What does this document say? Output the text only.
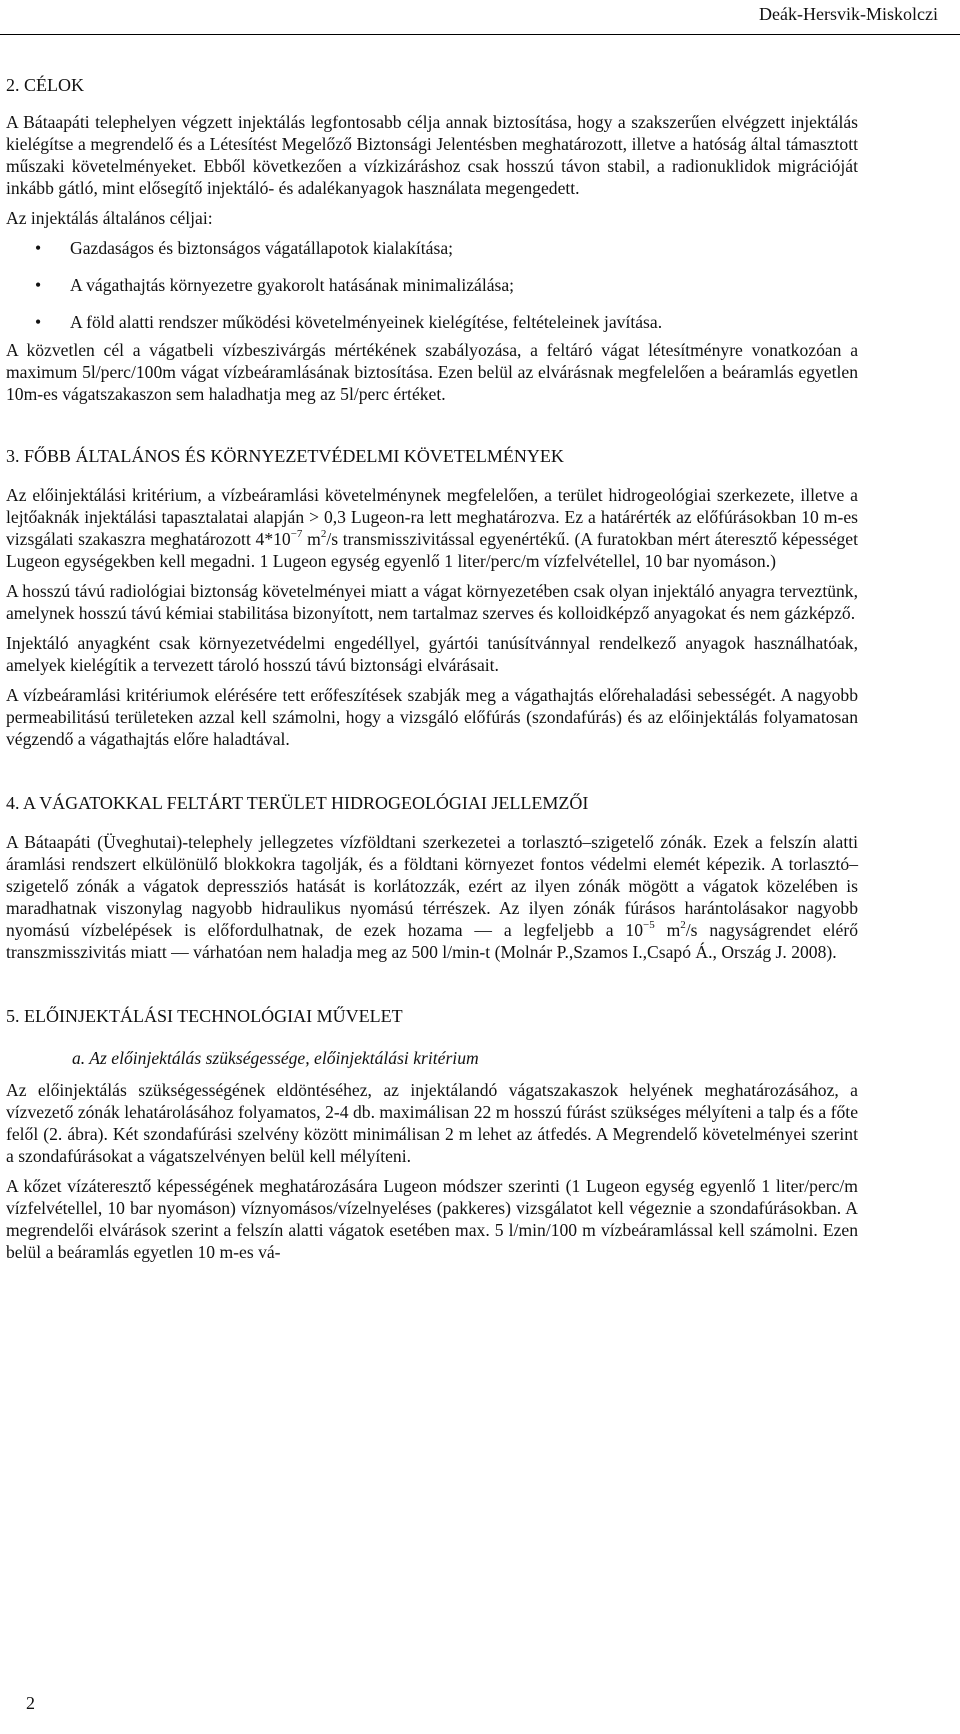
Deák-Hersvik-Miskolczi
2. CÉLOK

A Bátaapáti telephelyen végzett injektálás legfontosabb célja annak biztosítása, hogy a szakszerűen elvégzett injektálás kielégítse a megrendelő és a Létesítést Megelőző Biztonsági Jelentésben meghatározott, illetve a hatóság által támasztott műszaki követelményeket. Ebből következően a vízkizáráshoz csak hosszú távon stabil, a radionuklidok migrációját inkább gátló, mint elősegítő injektáló- és adalékanyagok használata megengedett.

Az injektálás általános céljai:

• Gazdaságos és biztonságos vágatállapotok kialakítása;
• A vágathajtás környezetre gyakorolt hatásának minimalizálása;
• A föld alatti rendszer működési követelményeinek kielégítése, feltételeinek javítása.

A közvetlen cél a vágatbeli vízbeszivárgás mértékének szabályozása, a feltáró vágat létesítményre vonatkozóan a maximum 5l/perc/100m vágat vízbeáramlásának biztosítása. Ezen belül az elvárásnak megfelelően a beáramlás egyetlen 10m-es vágatszakaszon sem haladhatja meg az 5l/perc értéket.

3. FŐBB ÁLTALÁNOS ÉS KÖRNYEZETVÉDELMI KÖVETELMÉNYEK

Az előinjektálási kritérium, a vízbeáramlási követelménynek megfelelően, a terület hidrogeológiai szerkezete, illetve a lejtőaknák injektálási tapasztalatai alapján > 0,3 Lugeon-ra lett meghatározva. Ez a határérték az előfúrásokban 10 m-es vizsgálati szakaszra meghatározott $4*10^{-7}$ $m^2/s$ transmisszivitással egyenértékű. (A furatokban mért áteresztő képességet Lugeon egységekben kell megadni. 1 Lugeon egység egyenlő 1 liter/perc/m vízfelvétellel, 10 bar nyomáson.)

A hosszú távú radiológiai biztonság követelményei miatt a vágat környezetében csak olyan injektáló anyagra terveztünk, amelynek hosszú távú kémiai stabilitása bizonyított, nem tartalmaz szerves és kolloidképző anyagokat és nem gázképző.

Injektáló anyagként csak környezetvédelmi engedéllyel, gyártói tanúsítvánnyal rendelkező anyagok használhatóak, amelyek kielégítik a tervezett tároló hosszú távú biztonsági elvárásait.

A vízbeáramlási kritériumok elérésére tett erőfeszítések szabják meg a vágathajtás előrehaladási sebességét. A nagyobb permeabilitású területeken azzal kell számolni, hogy a vizsgáló előfúrás (szondafúrás) és az előinjektálás folyamatosan végzendő a vágathajtás előre haladtával.

4. A VÁGATOKKAL FELTÁRT TERÜLET HIDROGEOLÓGIAI JELLEMZŐI

A Bátaapáti (Üveghutai)-telephely jellegzetes vízföldtani szerkezetei a torlasztó–szigetelő zónák. Ezek a felszín alatti áramlási rendszert elkülönülő blokkokra tagolják, és a földtani környezet fontos védelmi elemét képezik. A torlasztó–szigetelő zónák a vágatok depressziós hatását is korlátozzák, ezért az ilyen zónák mögött a vágatok közelében is maradhatnak viszonylag nagyobb hidraulikus nyomású térrészek. Az ilyen zónák fúrásos harántolásakor nagyobb nyomású vízbelépések is előfordulhatnak, de ezek hozama — a legfeljebb a $10^{-5}$ $m^2/s$ nagyságrendet elérő transzmisszivitás miatt — várhatóan nem haladja meg az 500 l/min-t (Molnár P.,Szamos I.,Csapó Á., Ország J. 2008).

5. ELŐINJEKTÁLÁSI TECHNOLÓGIAI MŰVELET

a. Az előinjektálás szükségessége, előinjektálási kritérium

Az előinjektálás szükségességének eldöntéséhez, az injektálandó vágatszakaszok helyének meghatározásához, a vízvezető zónák lehatárolásához folyamatos, 2-4 db. maximálisan 22 m hosszú fúrást szükséges mélyíteni a talp és a főte felől (2. ábra). Két szondafúrási szelvény között minimálisan 2 m lehet az átfedés. A Megrendelő követelményei szerint a szondafúrásokat a vágatszelvényen belül kell mélyíteni.

A kőzet vízáteresztő képességének meghatározására Lugeon módszer szerinti (1 Lugeon egység egyenlő 1 liter/perc/m vízfelvétellel, 10 bar nyomáson) víznyomásos/vízelnyeléses (pakkeres) vizsgálatot kell végeznie a szondafúrásokban. A megrendelői elvárások szerint a felszín alatti vágatok esetében max. 5 l/min/100 m vízbeáramlással kell számolni. Ezen belül a beáramlás egyetlen 10 m-es vá-

2
